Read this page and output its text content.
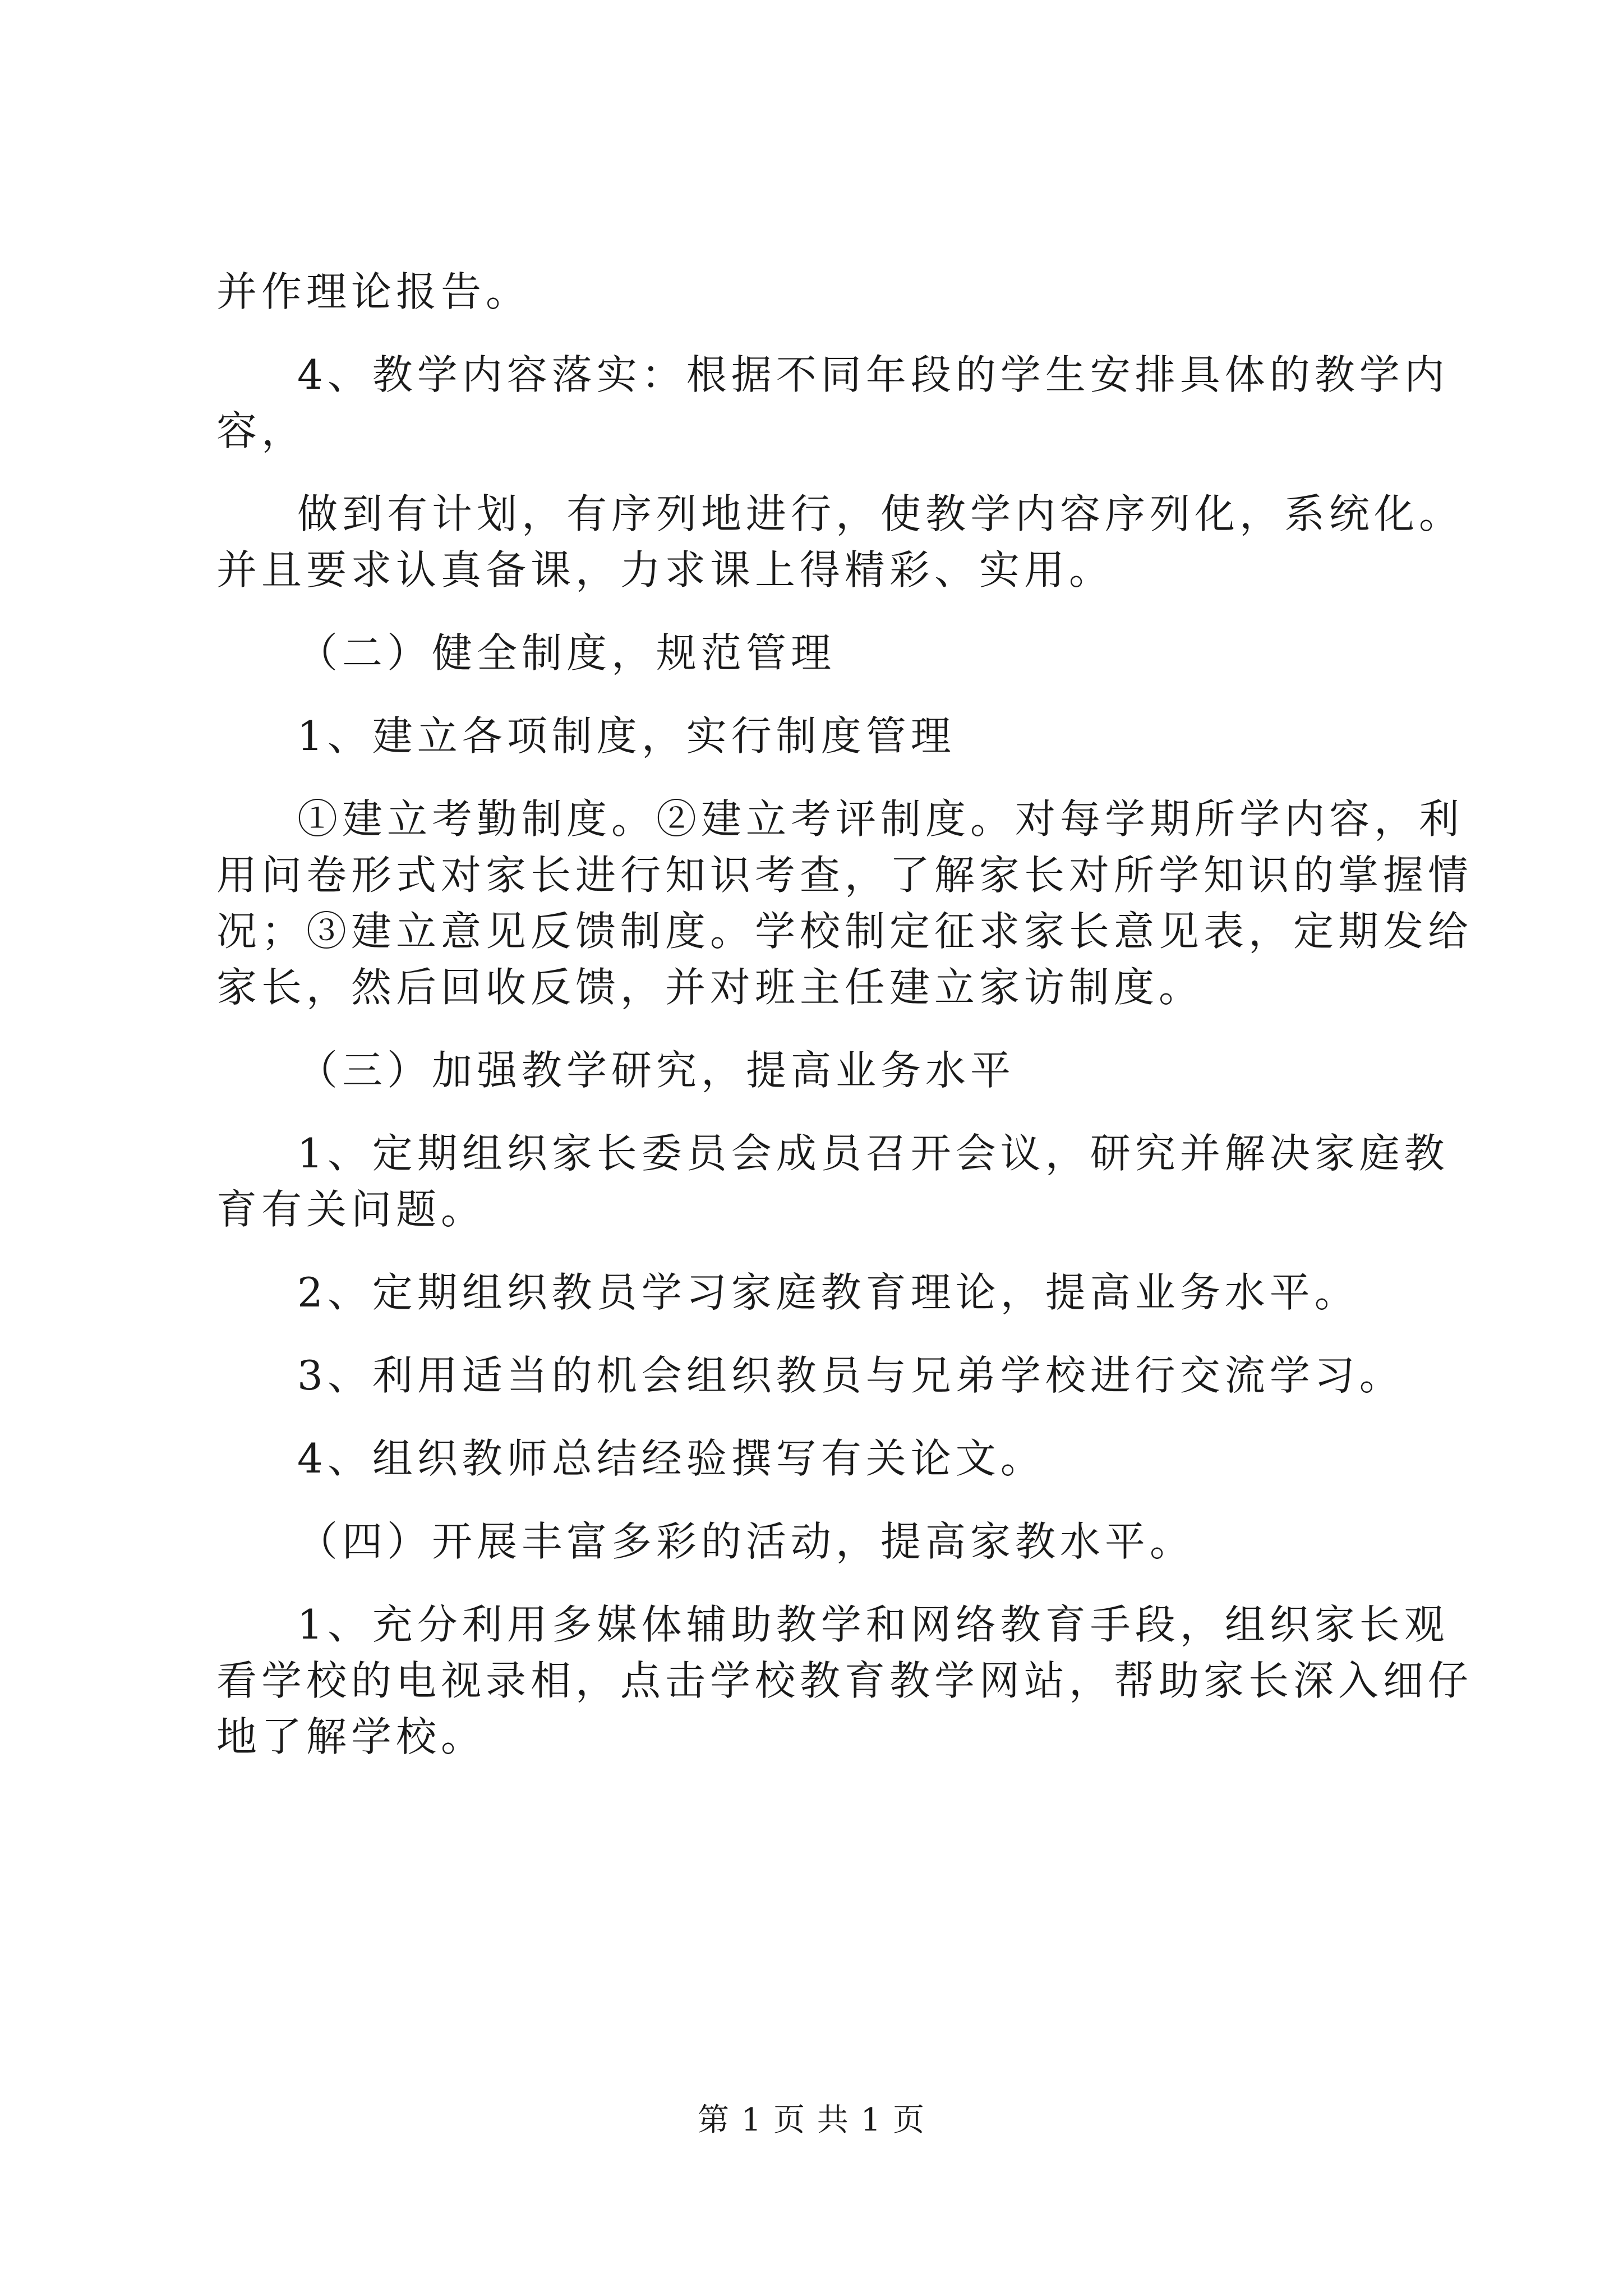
并作理论报告。
4、教学内容落实：根据不同年段的学生安排具体的教学内
容，
做到有计划，有序列地进行，使教学内容序列化，系统化。
并且要求认真备课，力求课上得精彩、实用。
（二）健全制度，规范管理
1、建立各项制度，实行制度管理
①建立考勤制度。②建立考评制度。对每学期所学内容，利
用问卷形式对家长进行知识考查，了解家长对所学知识的掌握情
况；③建立意见反馈制度。学校制定征求家长意见表，定期发给
家长，然后回收反馈，并对班主任建立家访制度。
（三）加强教学研究，提高业务水平
1、定期组织家长委员会成员召开会议，研究并解决家庭教
育有关问题。
2、定期组织教员学习家庭教育理论，提高业务水平。
3、利用适当的机会组织教员与兄弟学校进行交流学习。
4、组织教师总结经验撰写有关论文。
（四）开展丰富多彩的活动，提高家教水平。
1、充分利用多媒体辅助教学和网络教育手段，组织家长观
看学校的电视录相，点击学校教育教学网站，帮助家长深入细仔
地了解学校。
第 1 页 共 1 页
